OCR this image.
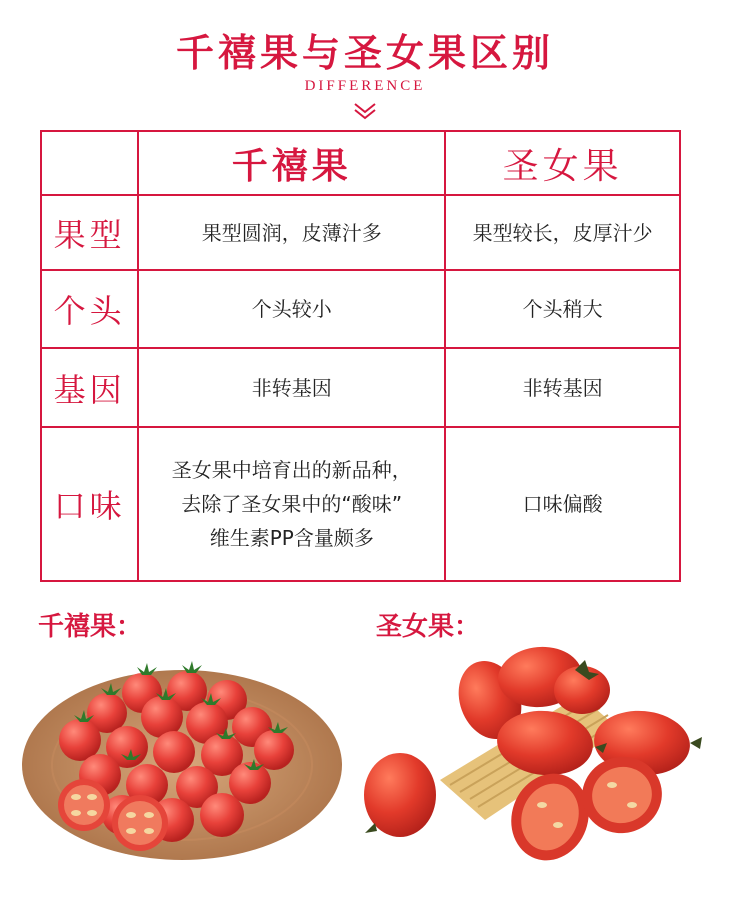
千禧果与圣女果区别
DIFFERENCE
	千禧果	圣女果
果型	果型圆润，皮薄汁多	果型较长，皮厚汁少
个头	个头较小	个头稍大
基因	非转基因	非转基因
口味	圣女果中培育出的新品种，
去除了圣女果中的“酸味”
维生素PP含量颇多	口味偏酸
千禧果：	圣女果：
